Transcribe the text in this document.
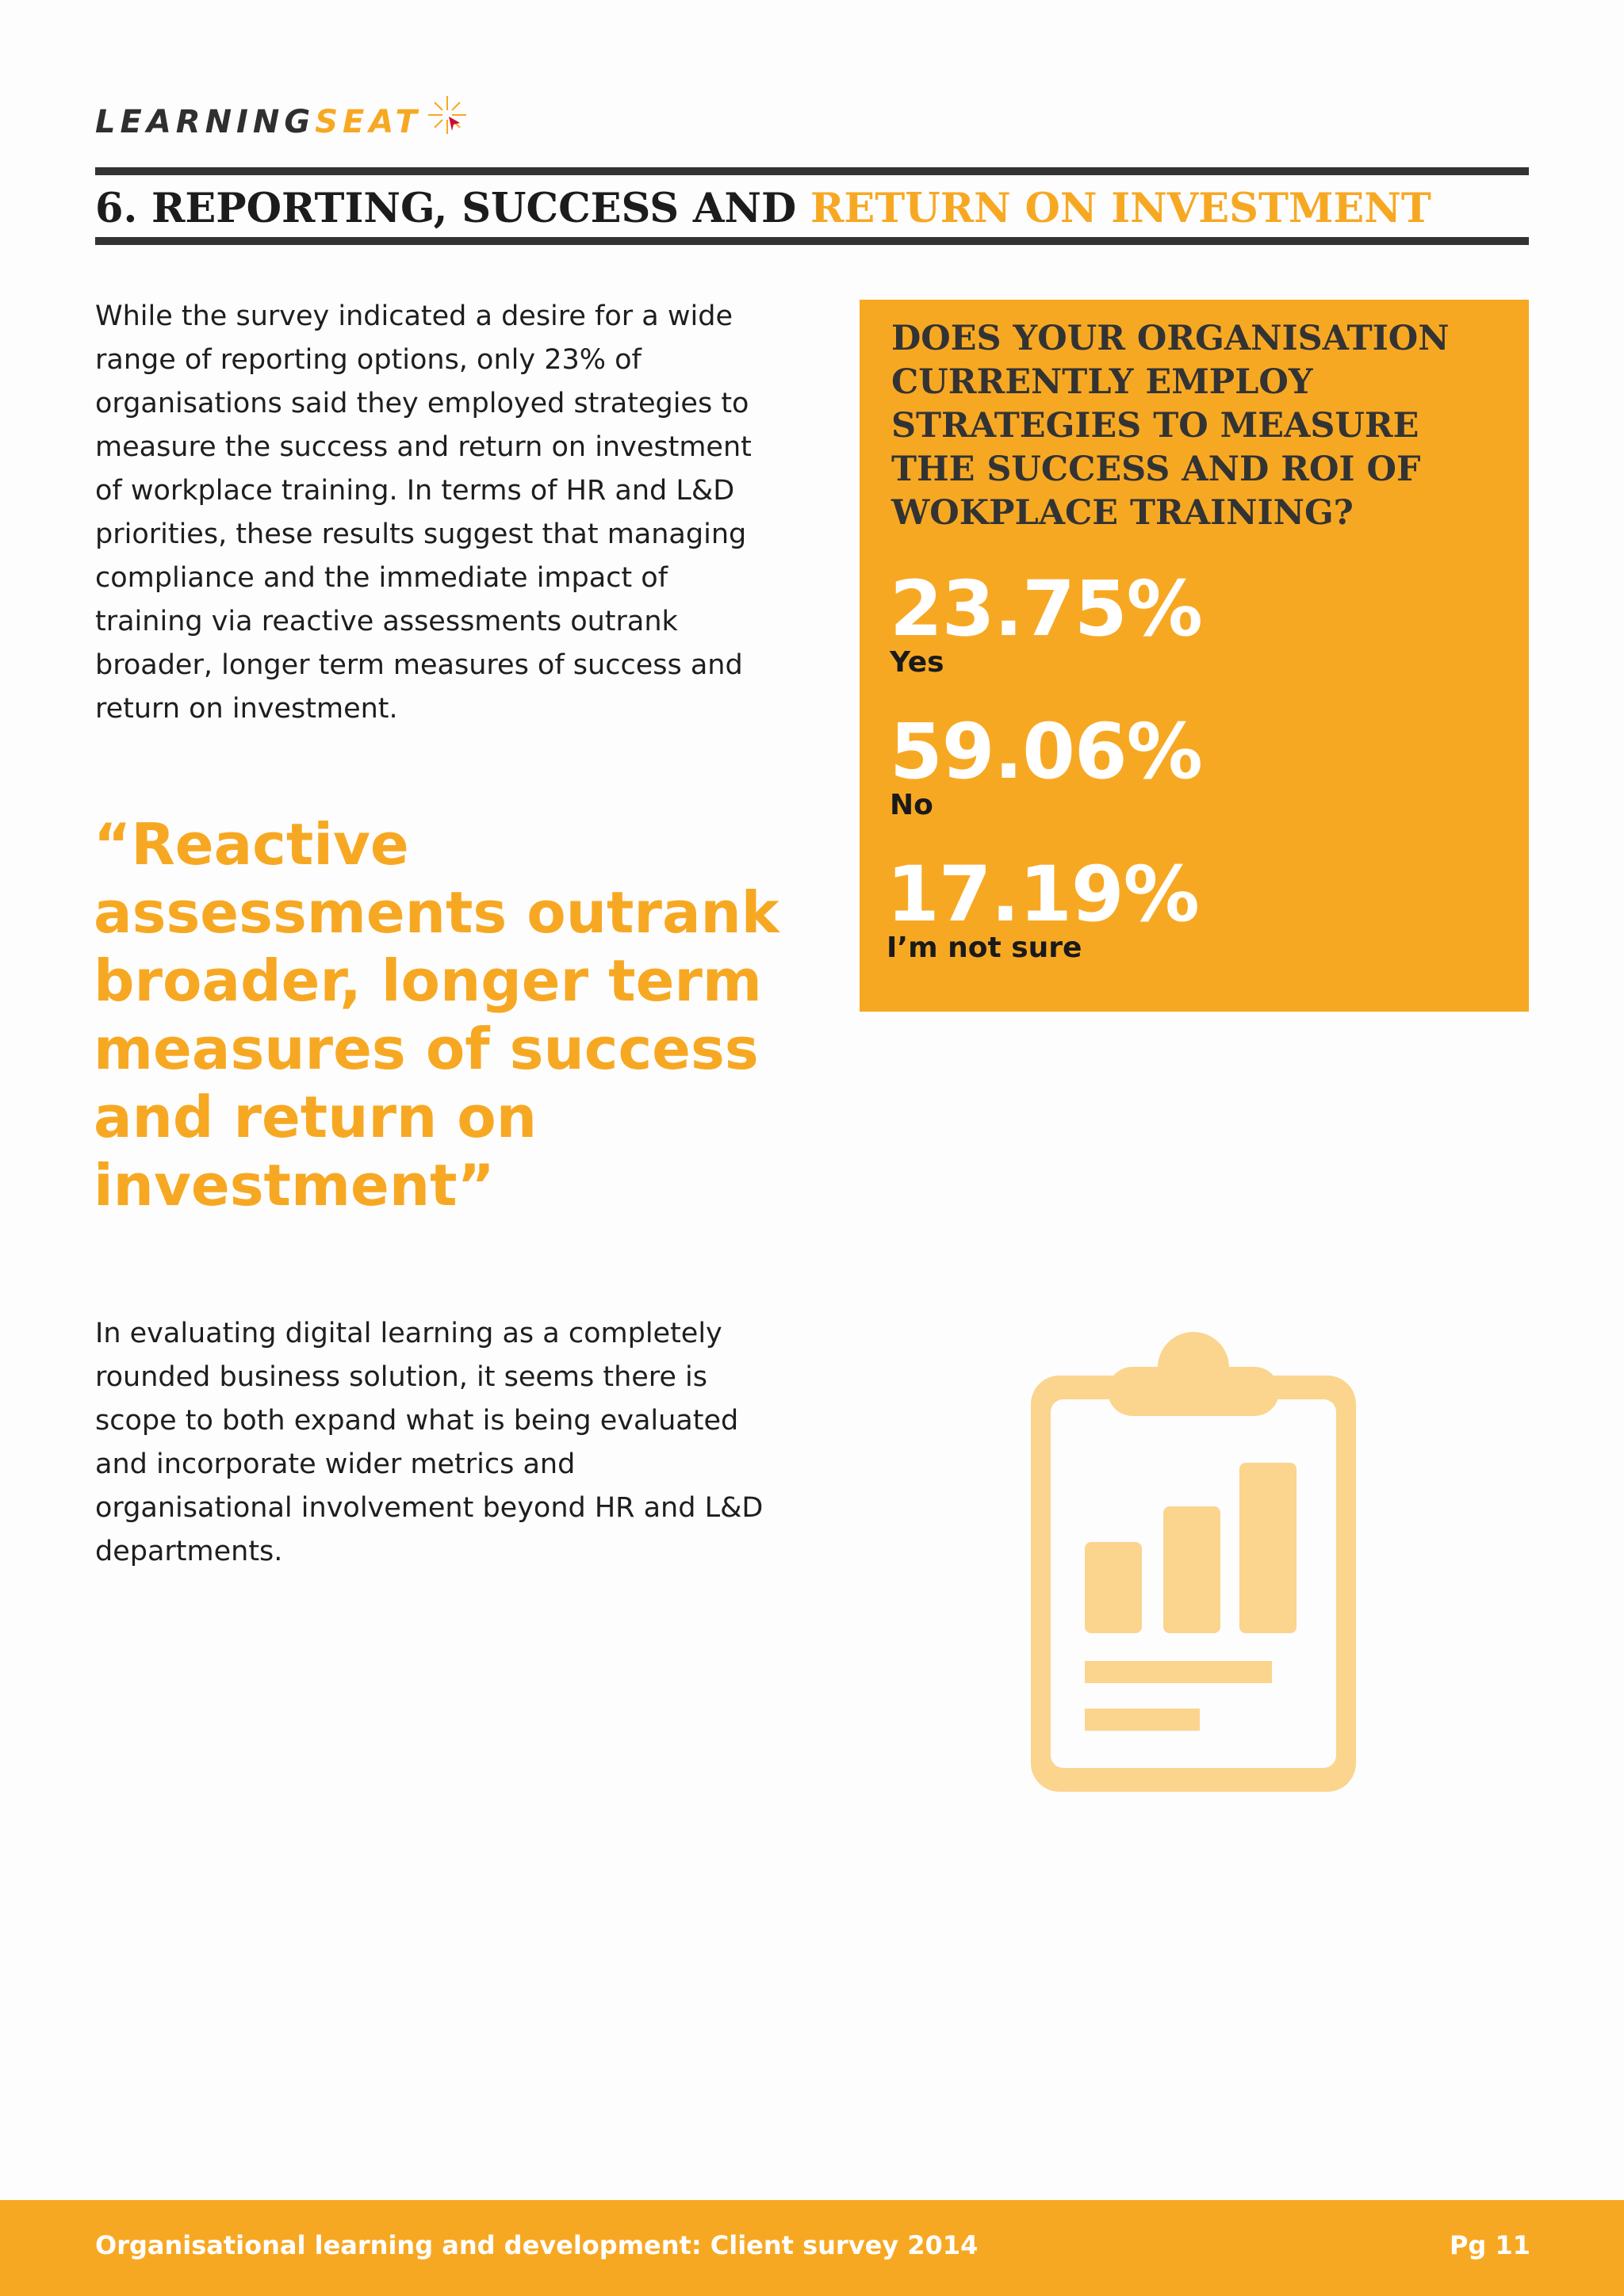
LEARNINGSEAT
6. REPORTING, SUCCESS AND RETURN ON INVESTMENT

While the survey indicated a desire for a wide range of reporting options, only 23% of organisations said they employed strategies to measure the success and return on investment of workplace training. In terms of HR and L&D priorities, these results suggest that managing compliance and the immediate impact of training via reactive assessments outrank broader, longer term measures of success and return on investment.

“Reactive assessments outrank broader, longer term measures of success and return on investment”

In evaluating digital learning as a completely rounded business solution, it seems there is scope to both expand what is being evaluated and incorporate wider metrics and organisational involvement beyond HR and L&D departments.

DOES YOUR ORGANISATION CURRENTLY EMPLOY STRATEGIES TO MEASURE THE SUCCESS AND ROI OF WOKPLACE TRAINING?
23.75%
Yes
59.06%
No
17.19%
I’m not sure
Organisational learning and development: Client survey 2014	Pg 11
